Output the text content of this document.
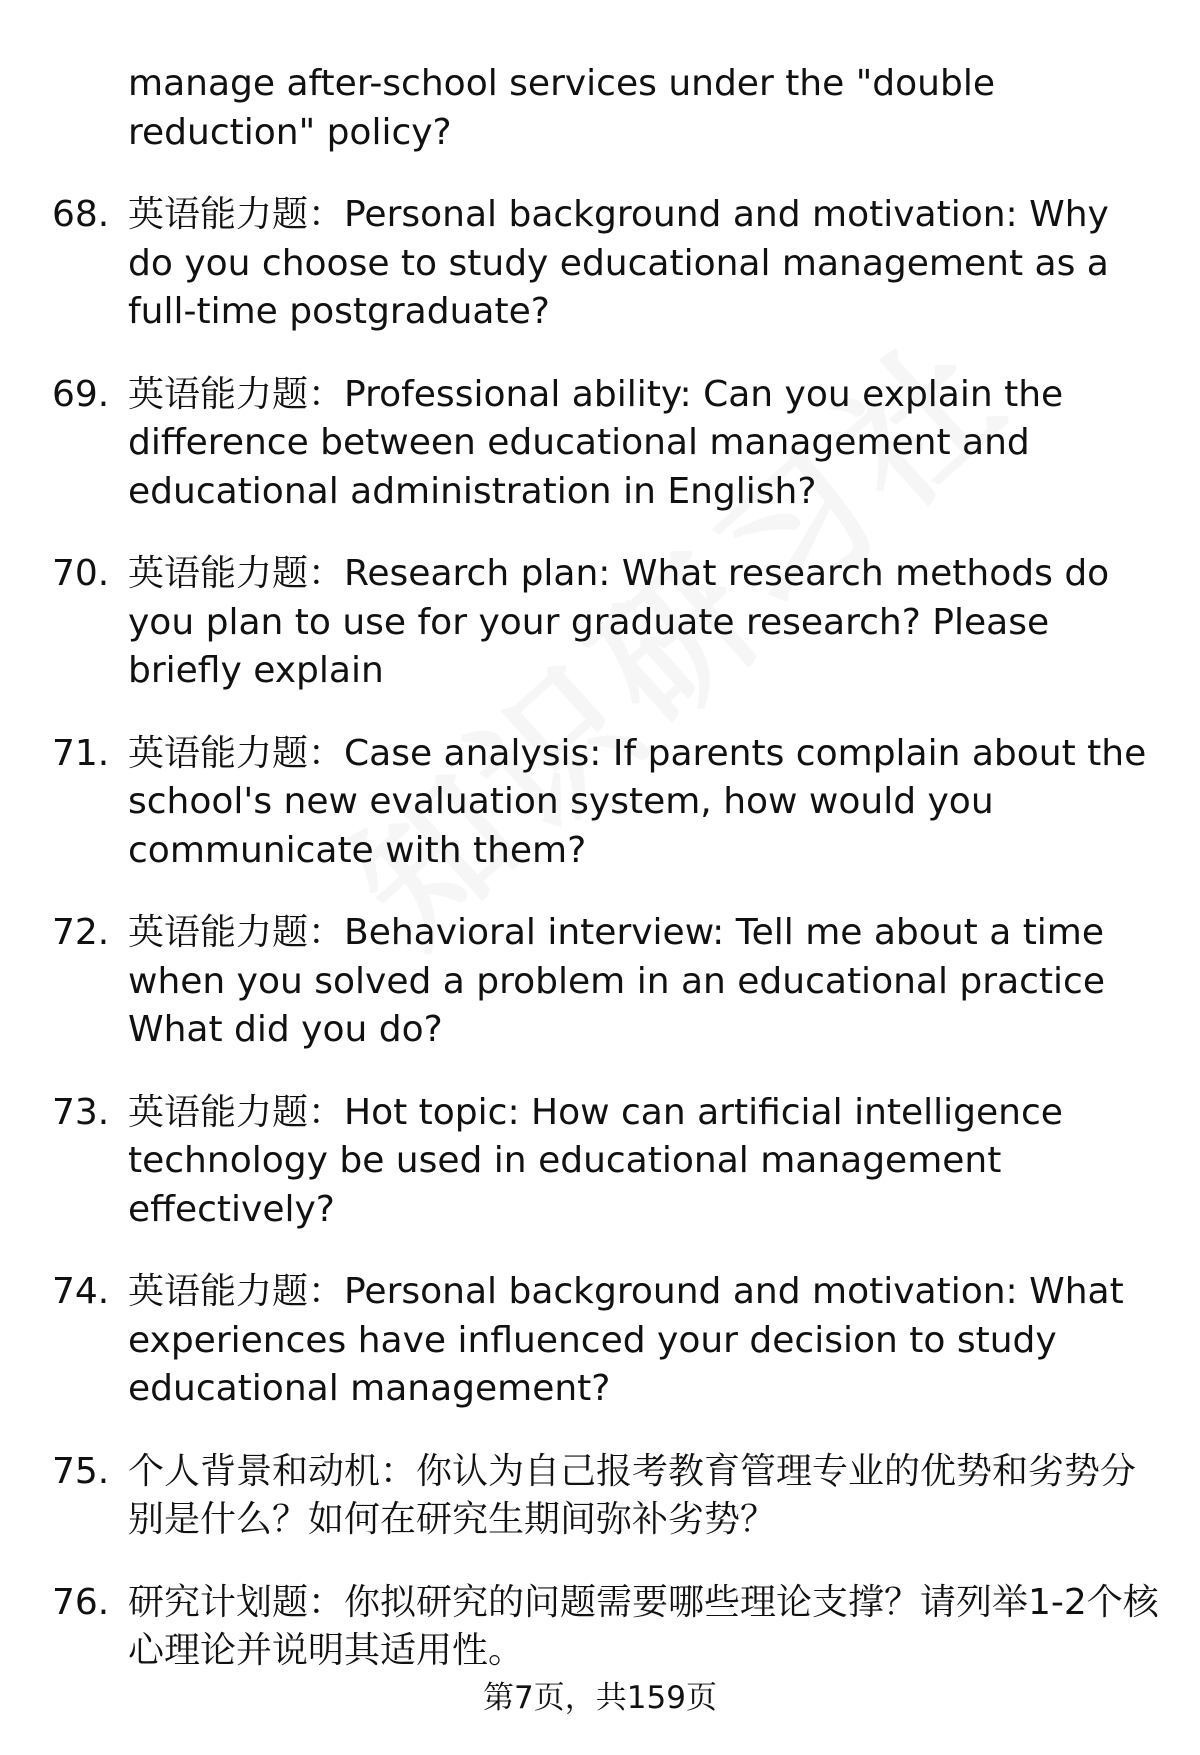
manage after-school services under the "double reduction" policy?
68. 英语能力题：Personal background and motivation: Why do you choose to study educational management as a full-time postgraduate?
69. 英语能力题：Professional ability: Can you explain the difference between educational management and educational administration in English?
70. 英语能力题：Research plan: What research methods do you plan to use for your graduate research? Please briefly explain
71. 英语能力题：Case analysis: If parents complain about the school's new evaluation system, how would you communicate with them?
72. 英语能力题：Behavioral interview: Tell me about a time when you solved a problem in an educational practice What did you do?
73. 英语能力题：Hot topic: How can artificial intelligence technology be used in educational management effectively?
74. 英语能力题：Personal background and motivation: What experiences have influenced your decision to study educational management?
75. 个人背景和动机：你认为自己报考教育管理专业的优势和劣势分别是什么？如何在研究生期间弥补劣势？
76. 研究计划题：你拟研究的问题需要哪些理论支撑？请列举1-2个核心理论并说明其适用性。
第7页，共159页
